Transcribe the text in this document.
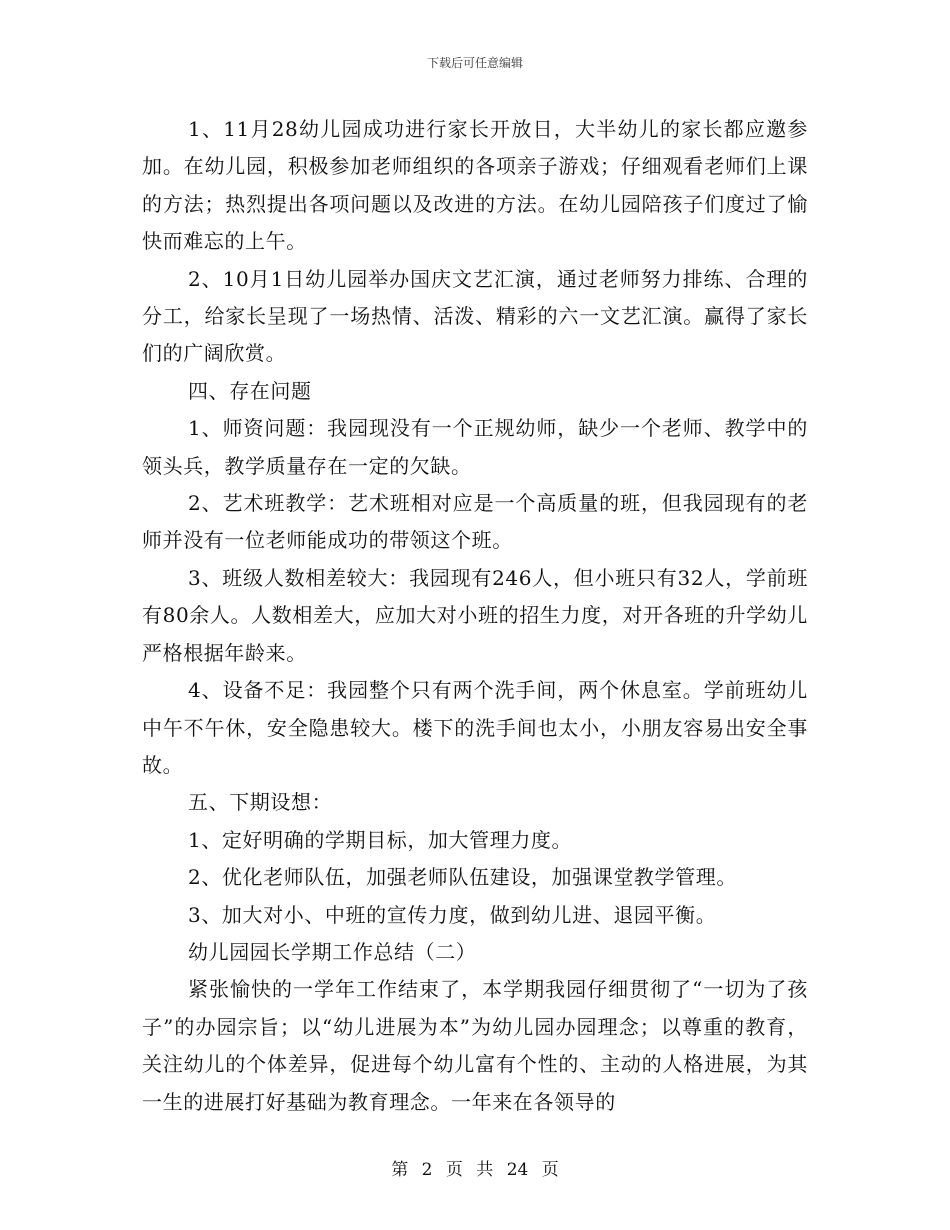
下载后可任意编辑

1、11月28幼儿园成功进行家长开放日，大半幼儿的家长都应邀参加。在幼儿园，积极参加老师组织的各项亲子游戏；仔细观看老师们上课的方法；热烈提出各项问题以及改进的方法。在幼儿园陪孩子们度过了愉快而难忘的上午。

2、10月1日幼儿园举办国庆文艺汇演，通过老师努力排练、合理的分工，给家长呈现了一场热情、活泼、精彩的六一文艺汇演。赢得了家长们的广阔欣赏。

四、存在问题

1、师资问题：我园现没有一个正规幼师，缺少一个老师、教学中的领头兵，教学质量存在一定的欠缺。

2、艺术班教学：艺术班相对应是一个高质量的班，但我园现有的老师并没有一位老师能成功的带领这个班。

3、班级人数相差较大：我园现有246人，但小班只有32人，学前班有80余人。人数相差大，应加大对小班的招生力度，对开各班的升学幼儿严格根据年龄来。

4、设备不足：我园整个只有两个洗手间，两个休息室。学前班幼儿中午不午休，安全隐患较大。楼下的洗手间也太小，小朋友容易出安全事故。

五、下期设想：

1、定好明确的学期目标，加大管理力度。

2、优化老师队伍，加强老师队伍建设，加强课堂教学管理。

3、加大对小、中班的宣传力度，做到幼儿进、退园平衡。

幼儿园园长学期工作总结（二）

紧张愉快的一学年工作结束了，本学期我园仔细贯彻了“一切为了孩子”的办园宗旨；以“幼儿进展为本”为幼儿园办园理念；以尊重的教育，关注幼儿的个体差异，促进每个幼儿富有个性的、主动的人格进展，为其一生的进展打好基础为教育理念。一年来在各领导的

第 2 页 共 24 页
